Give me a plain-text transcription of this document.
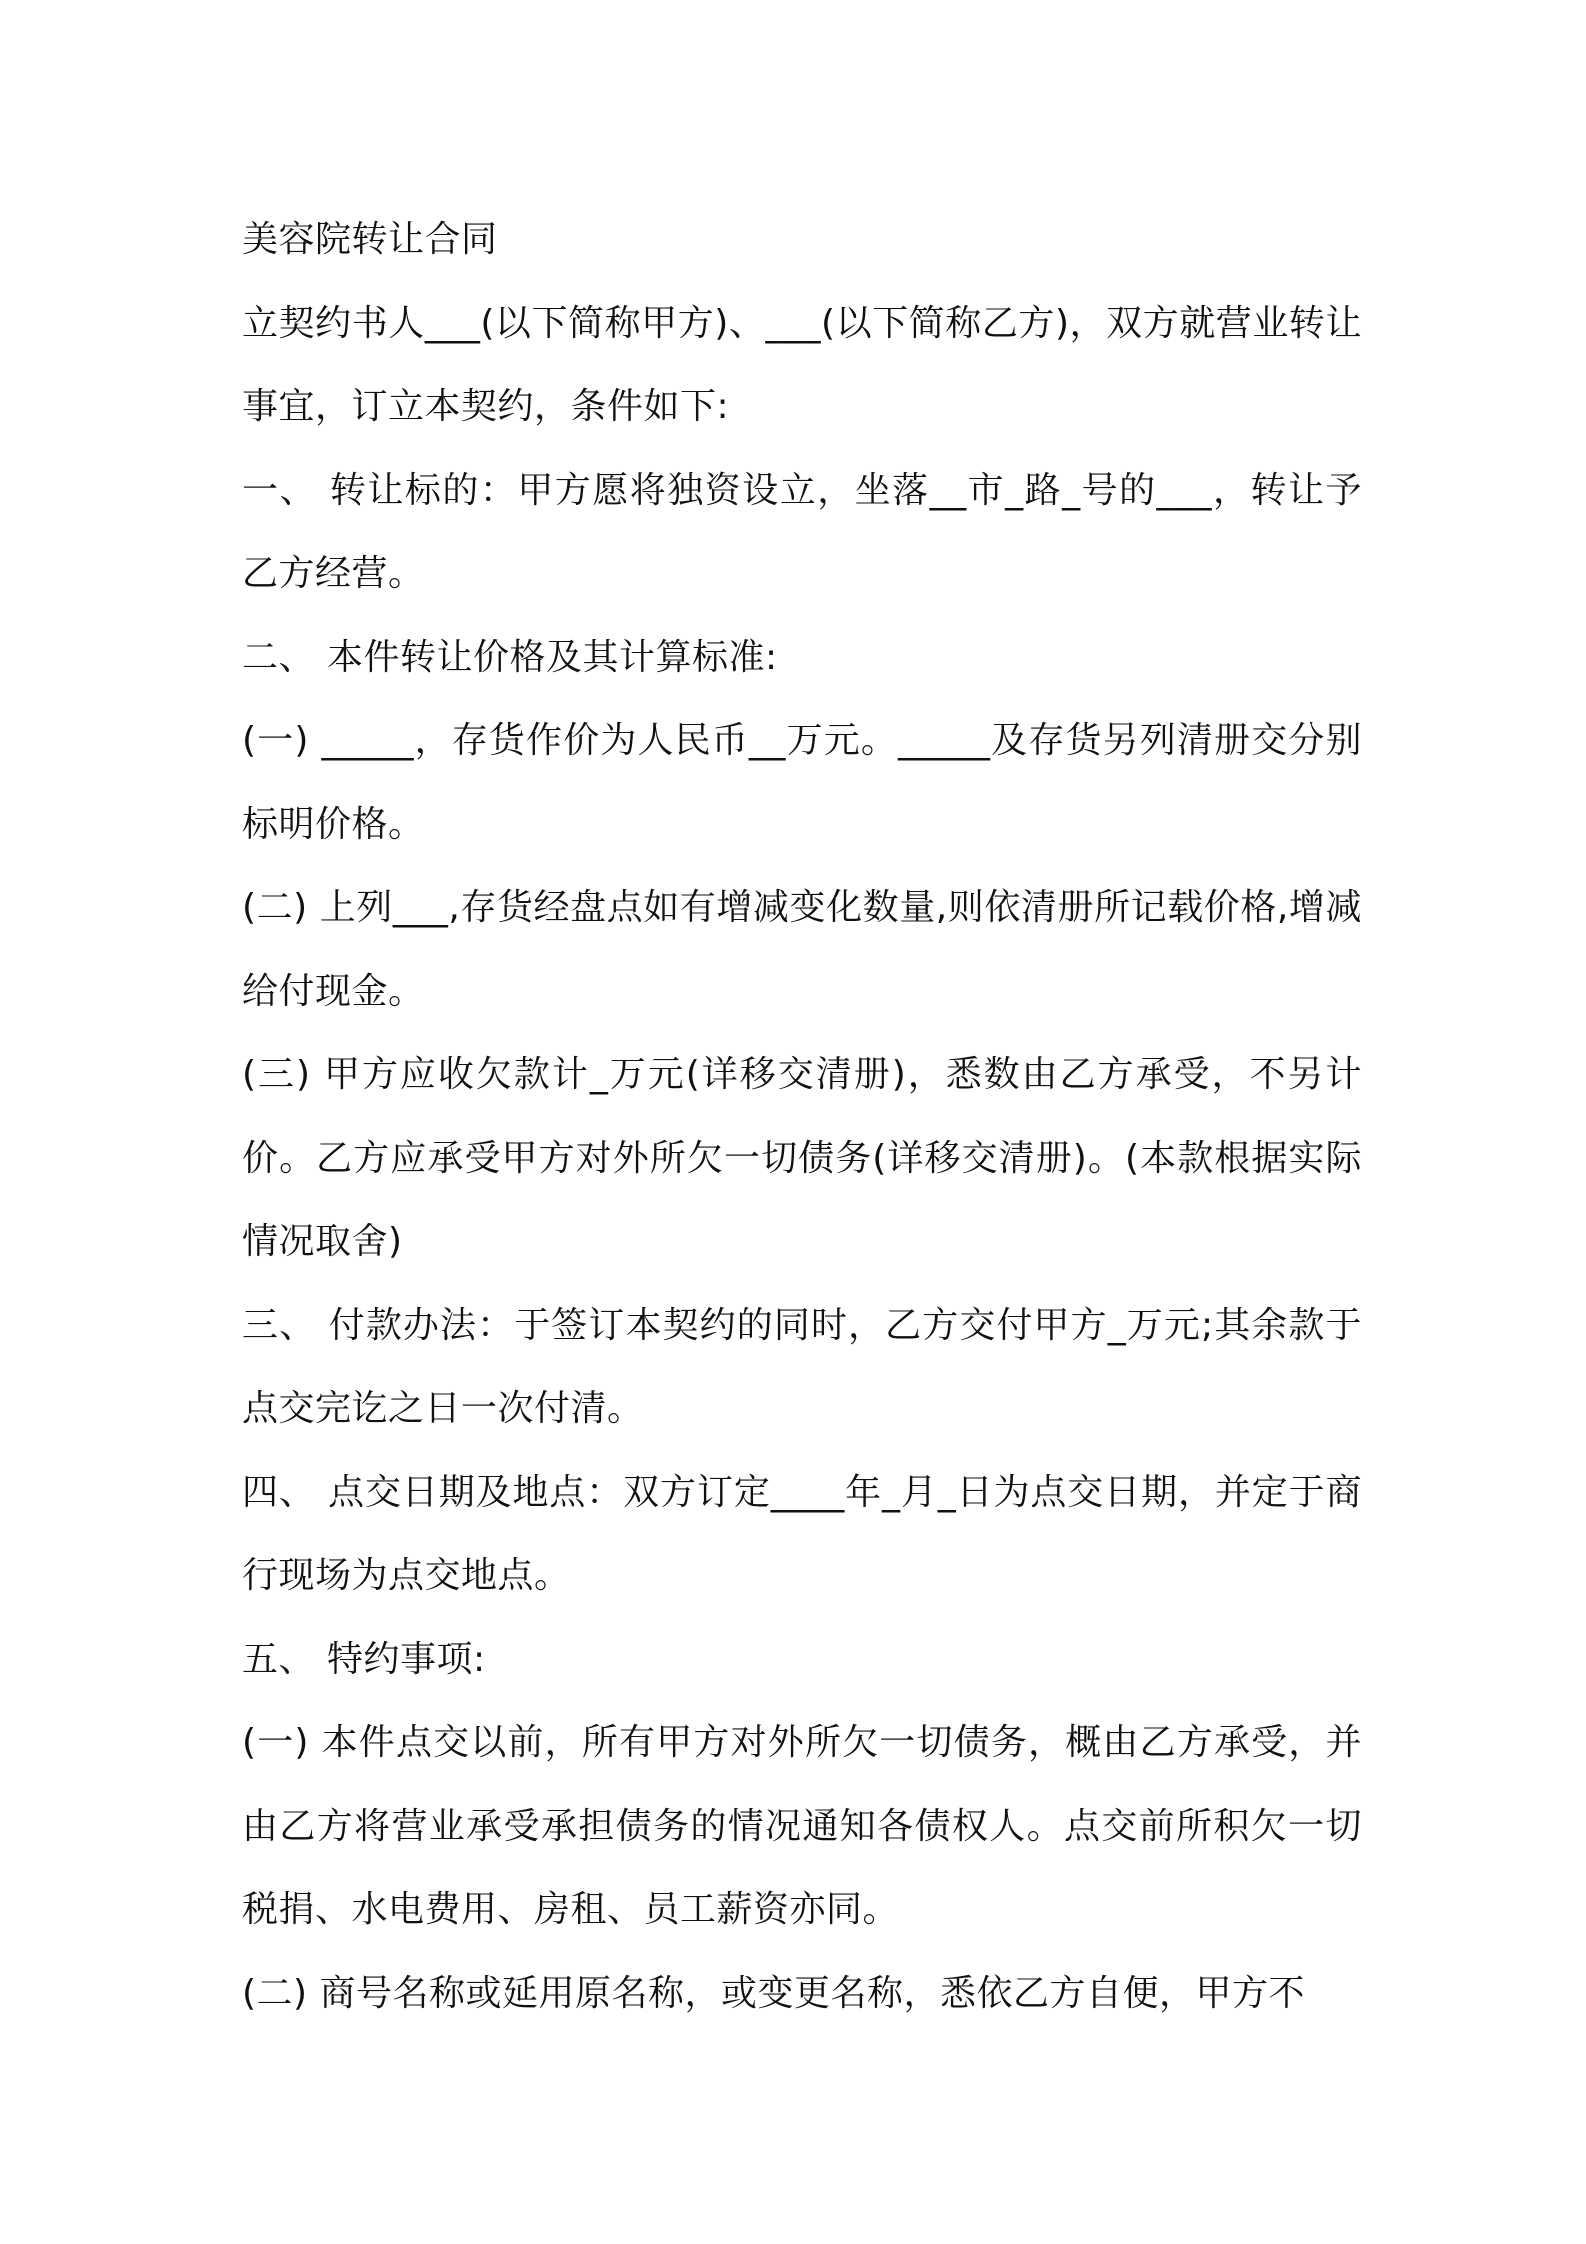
美容院转让合同

立契约书人___(以下简称甲方)、___(以下简称乙方)，双方就营业转让事宜，订立本契约，条件如下:

一、 转让标的：甲方愿将独资设立，坐落__市_路_号的___，转让予乙方经营。

二、 本件转让价格及其计算标准:

(一) _____，存货作价为人民币__万元。_____及存货另列清册交分别标明价格。

(二) 上列___,存货经盘点如有增减变化数量,则依清册所记载价格,增减给付现金。

(三) 甲方应收欠款计_万元(详移交清册)，悉数由乙方承受，不另计价。乙方应承受甲方对外所欠一切债务(详移交清册)。(本款根据实际情况取舍)

三、 付款办法：于签订本契约的同时，乙方交付甲方_万元;其余款于点交完讫之日一次付清。

四、 点交日期及地点：双方订定____年_月_日为点交日期，并定于商行现场为点交地点。

五、 特约事项:

(一) 本件点交以前，所有甲方对外所欠一切债务，概由乙方承受，并由乙方将营业承受承担债务的情况通知各债权人。点交前所积欠一切税捐、水电费用、房租、员工薪资亦同。

(二) 商号名称或延用原名称，或变更名称，悉依乙方自便，甲方不
